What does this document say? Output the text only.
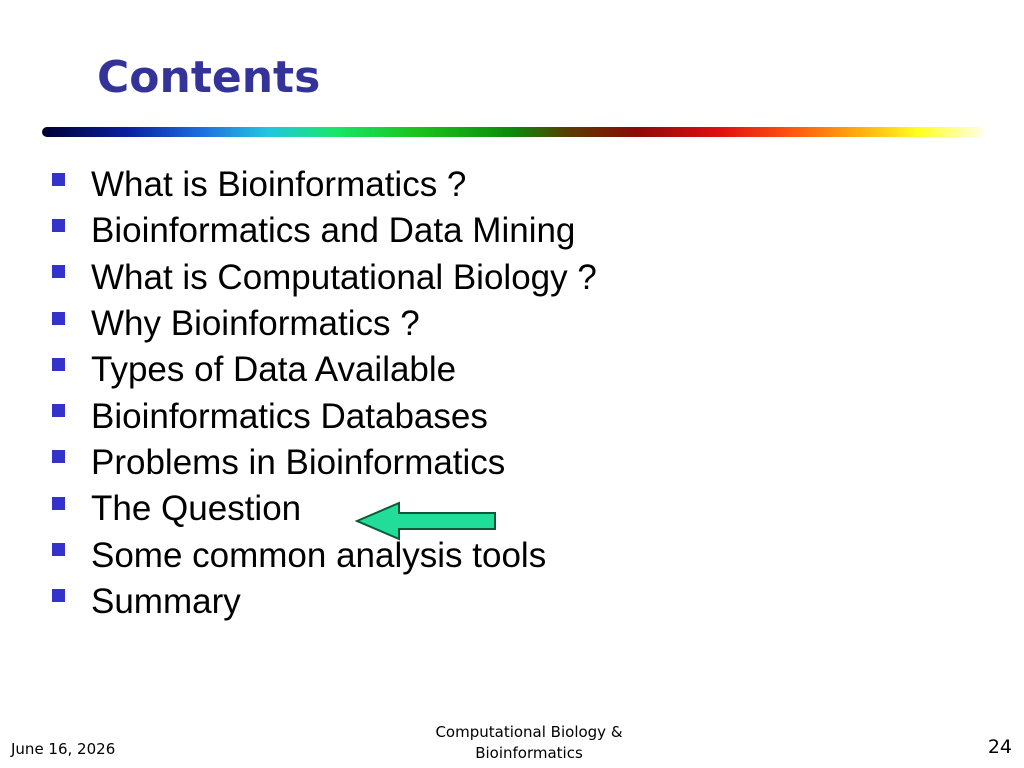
Contents
What is Bioinformatics ?
Bioinformatics and Data Mining
What is Computational Biology ?
Why Bioinformatics ?
Types of Data Available
Bioinformatics Databases
Problems in Bioinformatics
The Question
Some common analysis tools
Summary
June 16, 2026
Computational Biology &
Bioinformatics	24
